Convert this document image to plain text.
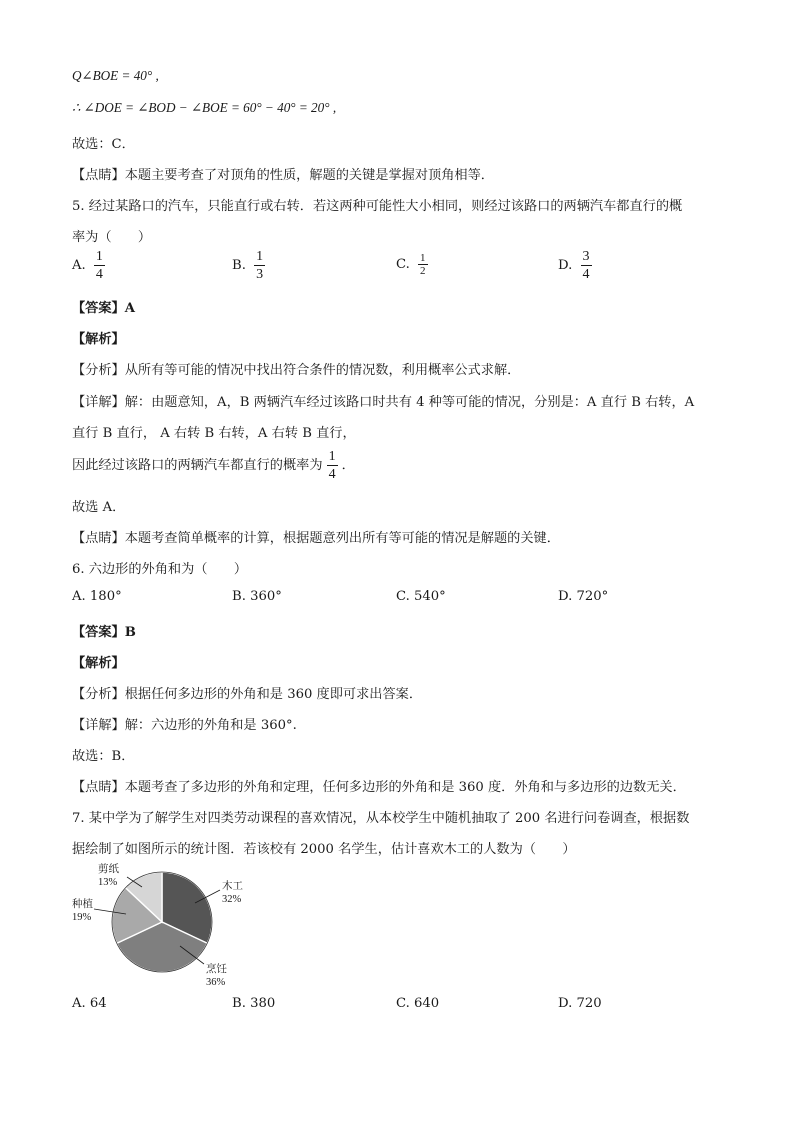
Q∠BOE = 40° ,
∴ ∠DOE = ∠BOD − ∠BOE = 60° − 40° = 20° ,
故选：C．
【点睛】本题主要考查了对顶角的性质，解题的关键是掌握对顶角相等．
5. 经过某路口的汽车，只能直行或右转．若这两种可能性大小相同，则经过该路口的两辆汽车都直行的概
率为（　　）
A. $\frac{1}{4}$	B. $\frac{1}{3}$	C. $\frac{1}{2}$	D. $\frac{3}{4}$
【答案】A
【解析】
【分析】从所有等可能的情况中找出符合条件的情况数，利用概率公式求解．
【详解】解：由题意知，A，B 两辆汽车经过该路口时共有 4 种等可能的情况，分别是：A 直行 B 右转，A
直行 B 直行， A 右转 B 右转，A 右转 B 直行，
因此经过该路口的两辆汽车都直行的概率为 $\frac{1}{4}$ ．
故选 A．
【点睛】本题考查简单概率的计算，根据题意列出所有等可能的情况是解题的关键．
6. 六边形的外角和为（　　）
A. 180°	B. 360°	C. 540°	D. 720°
【答案】B
【解析】
【分析】根据任何多边形的外角和是 360 度即可求出答案．
【详解】解：六边形的外角和是 360°.
故选：B．
【点睛】本题考查了多边形的外角和定理，任何多边形的外角和是 360 度．外角和与多边形的边数无关．
7. 某中学为了解学生对四类劳动课程的喜欢情况，从本校学生中随机抽取了 200 名进行问卷调查，根据数
据绘制了如图所示的统计图．若该校有 2000 名学生，估计喜欢木工的人数为（　　）
木工
32%
烹饪
36%
种植
19%
剪纸
13%
A. 64	B. 380	C. 640	D. 720
